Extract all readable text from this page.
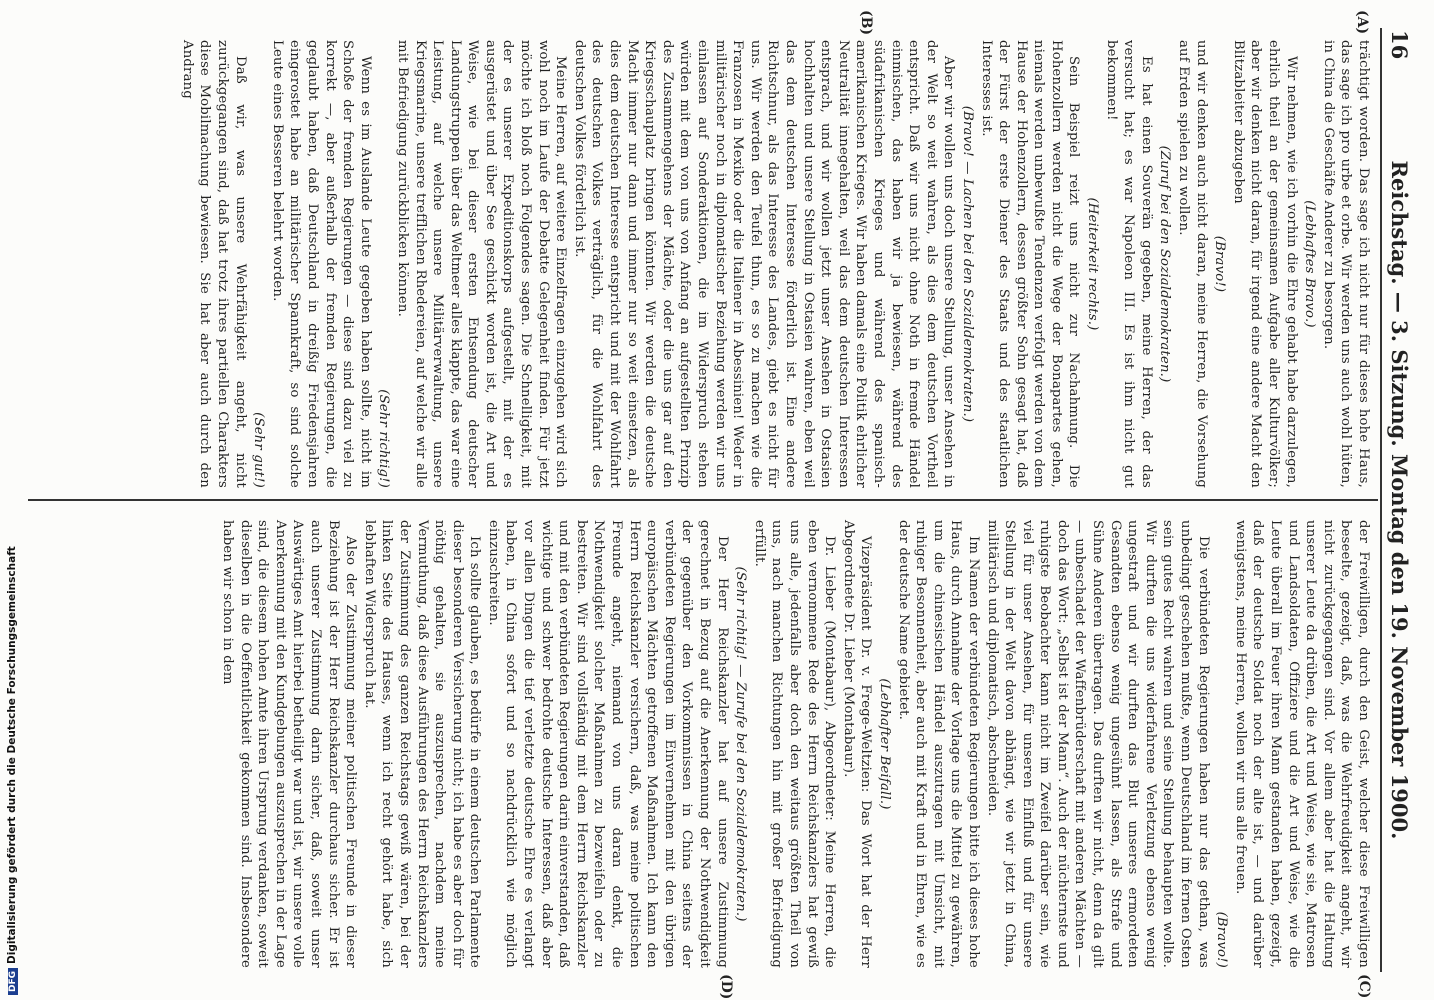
16
Reichstag. — 3. Sitzung. Montag den 19. November 1900.
(A)
(B)
(C)
(D)

trächtigt worden. Das sage ich nicht nur für dieses hohe Haus, das sage ich pro urbe et orbe. Wir werden uns auch wohl hüten, in China die Geschäfte Anderer zu besorgen.

(Lebhaftes Bravo.)

Wir nehmen, wie ich vorhin die Ehre gehabt habe darzulegen, ehrlich theil an der gemeinsamen Aufgabe aller Kulturvölker; aber wir denken nicht daran, für irgend eine andere Macht den Blitzableiter abzugeben

(Bravo!)

und wir denken auch nicht daran, meine Herren, die Vorsehung auf Erden spielen zu wollen.

(Zuruf bei den Sozialdemokraten.)

Es hat einen Souverän gegeben, meine Herren, der das versucht hat; es war Napoleon III. Es ist ihm nicht gut bekommen!

(Heiterkeit rechts.)

Sein Beispiel reizt uns nicht zur Nachahmung. Die Hohenzollern werden nicht die Wege der Bonapartes gehen, niemals werden unbewußte Tendenzen verfolgt werden von dem Hause der Hohenzollern, dessen größter Sohn gesagt hat, daß der Fürst der erste Diener des Staats und des staatlichen Interesses ist.

(Bravo! — Lachen bei den Sozialdemokraten.)

Aber wir wollen uns doch unsere Stellung, unser Ansehen in der Welt so weit wahren, als dies dem deutschen Vortheil entspricht. Daß wir uns nicht ohne Noth in fremde Händel einmischen, das haben wir ja bewiesen, während des südafrikanischen Krieges und während des spanisch-amerikanischen Krieges. Wir haben damals eine Politik ehrlicher Neutralität innegehalten, weil das dem deutschen Interessen entsprach, und wir wollen jetzt unser Ansehen in Ostasien hochhalten und unsere Stellung in Ostasien wahren, eben weil das dem deutschen Interesse förderlich ist. Eine andere Richtschnur, als das Interesse des Landes, giebt es nicht für uns. Wir werden den Teufel thun, es so zu machen wie die Franzosen in Mexiko oder die Italiener in Abessinien! Weder in militärischer noch in diplomatischer Beziehung werden wir uns einlassen auf Sonderaktionen, die im Widerspruch stehen würden mit dem von uns von Anfang an aufgestellten Prinzip des Zusammengehens der Mächte, oder die uns gar auf den Kriegsschauplatz bringen könnten. Wir werden die deutsche Macht immer nur dann und immer nur so weit einsetzen, als dies dem deutschen Interesse entspricht und mit der Wohlfahrt des deutschen Volkes verträglich, für die Wohlfahrt des deutschen Volkes förderlich ist.

Meine Herren, auf weitere Einzelfragen einzugehen wird sich wohl noch im Laufe der Debatte Gelegenheit finden. Für jetzt möchte ich bloß noch Folgendes sagen. Die Schnelligkeit, mit der es unserer Expeditionskorps aufgestellt, mit der es ausgerüstet und über See geschickt worden ist, die Art und Weise, wie bei dieser ersten Entsendung deutscher Landungstruppen über das Weltmeer alles klappte, das war eine Leistung, auf welche unsere Militärverwaltung, unsere Kriegsmarine, unsere trefflichen Rhedereien, auf welche wir alle mit Befriedigung zurückblicken können.

(Sehr richtig!)

Wenn es im Auslande Leute gegeben haben sollte, nicht im Schoße der fremden Regierungen — diese sind dazu viel zu korrekt —, aber außerhalb der fremden Regierungen, die geglaubt haben, daß Deutschland in dreißig Friedensjahren eingerostet habe an militärischer Spannkraft, so sind solche Leute eines Besseren belehrt worden.

(Sehr gut!)

Daß wir, was unsere Wehrfähigkeit angeht, nicht zurückgegangen sind, daß hat trotz ihres partiellen Charakters diese Mobilmachung bewiesen. Sie hat aber auch durch den Andrang

der Freiwilligen, durch den Geist, welcher diese Freiwilligen beseelte, gezeigt, daß, was die Wehrfreudigkeit angeht, wir nicht zurückgegangen sind. Vor allem aber hat die Haltung unserer Leute da drüben, die Art und Weise, wie sie, Matrosen und Landsoldaten, Offiziere und die Art und Weise, wie die Leute überall im Feuer ihren Mann gestanden haben, gezeigt, daß der deutsche Soldat noch der alte ist, — und darüber wenigstens, meine Herren, wollen wir uns alle freuen.

(Bravo!)

Die verbündeten Regierungen haben nur das gethan, was unbedingt geschehen mußte, wenn Deutschland im fernen Osten sein gutes Recht wahren und seine Stellung behaupten wollte. Wir durften die uns widerfahrene Verletzung ebenso wenig ungestraft und wir durften das Blut unseres ermordeten Gesandten ebenso wenig ungesühnt lassen, als Strafe und Sühne Anderen übertragen. Das durften wir nicht, denn da gilt — unbeschadet der Waffenbrüderschaft mit anderen Mächten — doch das Wort: „Selbst ist der Mann“. Auch der nüchternste und ruhigste Beobachter kann nicht im Zweifel darüber sein, wie viel für unser Ansehen, für unseren Einfluß und für unsere Stellung in der Welt davon abhängt, wie wir jetzt in China, militärisch und diplomatisch, abschneiden.

Im Namen der verbündeten Regierungen bitte ich dieses hohe Haus, durch Annahme der Vorlage uns die Mittel zu gewähren, um die chinesischen Händel auszutragen mit Umsicht, mit ruhiger Besonnenheit, aber auch mit Kraft und in Ehren, wie es der deutsche Name gebietet.

(Lebhafter Beifall.)

Vizepräsident Dr. v. Frege-Weltzien: Das Wort hat der Herr Abgeordnete Dr. Lieber (Montabaur).

Dr. Lieber (Montabaur), Abgeordneter: Meine Herren, die eben vernommene Rede des Herrn Reichskanzlers hat gewiß uns alle, jedenfalls aber doch den weitaus größten Theil von uns, nach manchen Richtungen hin mit großer Befriedigung erfüllt.

(Sehr richtig! — Zurufe bei den Sozialdemokraten.)

Der Herr Reichskanzler hat auf unsere Zustimmung gerechnet in Bezug auf die Anerkennung der Nothwendigkeit der gegenüber den Vorkommnissen in China seitens der verbündeten Regierungen im Einvernehmen mit den übrigen europäischen Mächten getroffenen Maßnahmen. Ich kann den Herrn Reichskanzler versichern, daß, was meine politischen Freunde angeht, niemand von uns daran denkt, die Nothwendigkeit solcher Maßnahmen zu bezweifeln oder zu bestreiten. Wir sind vollständig mit dem Herrn Reichskanzler und mit den verbündeten Regierungen darin einverstanden, daß wichtige und schwer bedrohte deutsche Interessen, daß aber vor allen Dingen die tief verletzte deutsche Ehre es verlangt haben, in China sofort und so nachdrücklich wie möglich einzuschreiten.

Ich sollte glauben, es bedürfe in einem deutschen Parlamente dieser besonderen Versicherung nicht; ich habe es aber doch für nöthig gehalten, sie auszusprechen, nachdem meine Vermuthung, daß diese Ausführungen des Herrn Reichskanzlers der Zustimmung des ganzen Reichstags gewiß wären, bei der linken Seite des Hauses, wenn ich recht gehört habe, sich lebhaften Widerspruch hat.

Also der Zustimmung meiner politischen Freunde in dieser Beziehung ist der Herr Reichskanzler durchaus sicher. Er ist auch unserer Zustimmung darin sicher, daß, soweit unser Auswärtiges Amt hierbei betheiligt war und ist, wir unsere volle Anerkennung mit den Kundgebungen auszusprechen in der Lage sind, die diesem hohen Amte ihren Ursprung verdanken, soweit dieselben in die Oeffentlichkeit gekommen sind. Insbesondere haben wir schon in dem

DFGDigitalisierung gefördert durch die Deutsche Forschungsgemeinschaft
